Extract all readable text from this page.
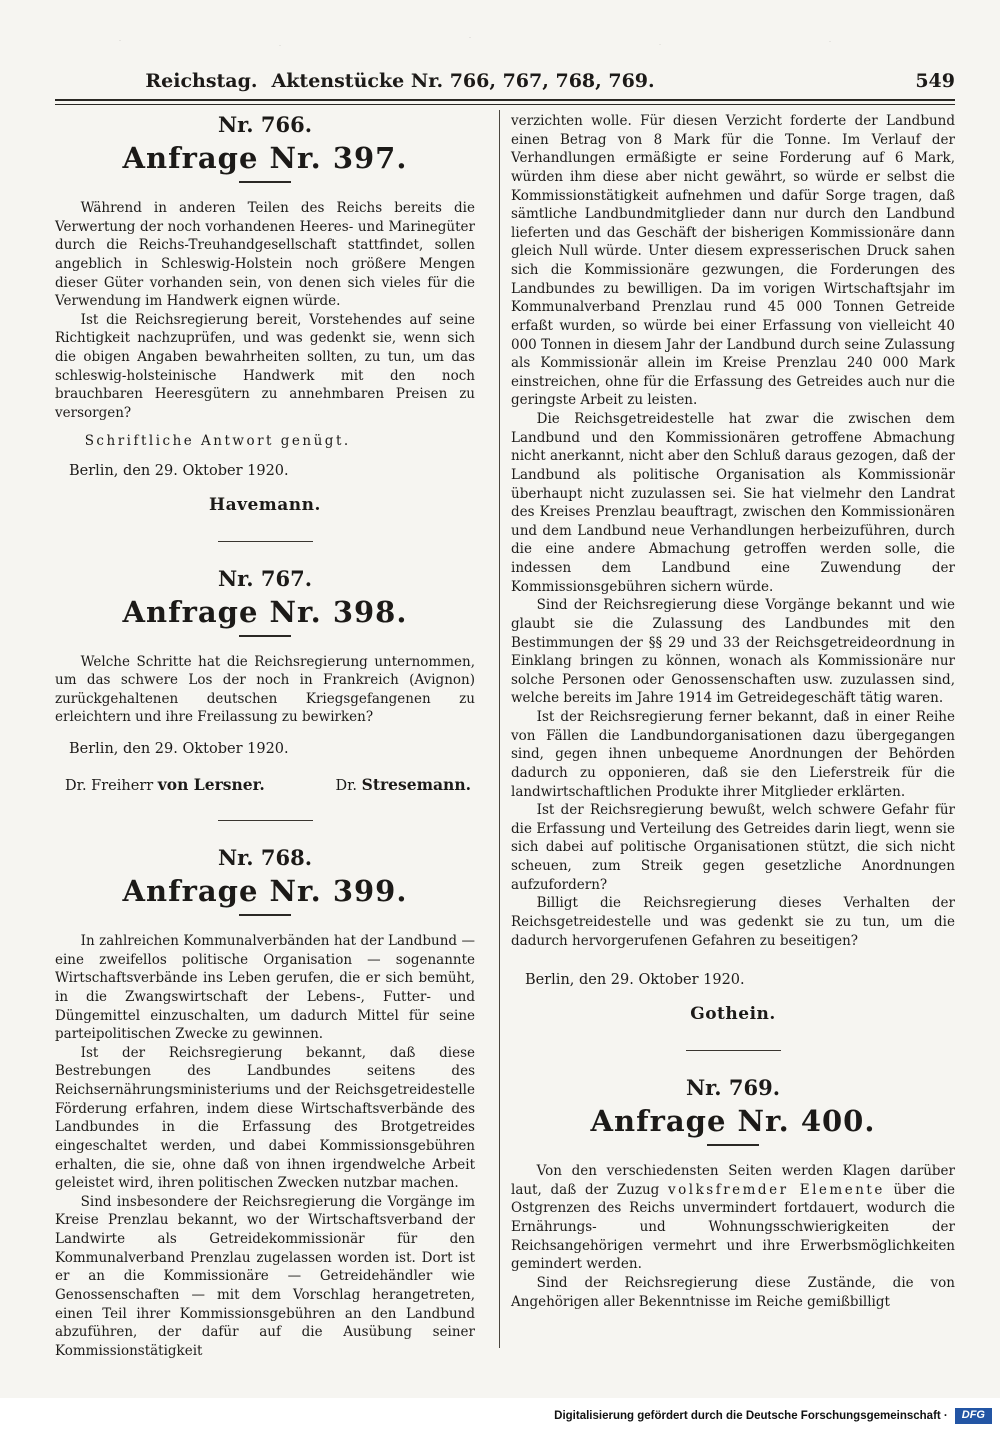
Reichstag. Aktenstücke Nr. 766, 767, 768, 769.	549
Nr. 766.
Anfrage Nr. 397.

Während in anderen Teilen des Reichs bereits die Verwertung der noch vorhandenen Heeres- und Marinegüter durch die Reichs-Treuhandgesellschaft stattfindet, sollen angeblich in Schleswig-Holstein noch größere Mengen dieser Güter vorhanden sein, von denen sich vieles für die Verwendung im Handwerk eignen würde.

Ist die Reichsregierung bereit, Vorstehendes auf seine Richtigkeit nachzuprüfen, und was gedenkt sie, wenn sich die obigen Angaben bewahrheiten sollten, zu tun, um das schleswig-holsteinische Handwerk mit den noch brauchbaren Heeresgütern zu annehmbaren Preisen zu versorgen?

Schriftliche Antwort genügt.
Berlin, den 29. Oktober 1920.
Havemann.
Nr. 767.
Anfrage Nr. 398.

Welche Schritte hat die Reichsregierung unternommen, um das schwere Los der noch in Frankreich (Avignon) zurückgehaltenen deutschen Kriegsgefangenen zu erleichtern und ihre Freilassung zu bewirken?

Berlin, den 29. Oktober 1920.
Dr. Freiherr von Lersner.	Dr. Stresemann.
Nr. 768.
Anfrage Nr. 399.

In zahlreichen Kommunalverbänden hat der Landbund — eine zweifellos politische Organisation — sogenannte Wirtschaftsverbände ins Leben gerufen, die er sich bemüht, in die Zwangswirtschaft der Lebens-, Futter- und Düngemittel einzuschalten, um dadurch Mittel für seine parteipolitischen Zwecke zu gewinnen.

Ist der Reichsregierung bekannt, daß diese Bestrebungen des Landbundes seitens des Reichsernährungsministeriums und der Reichsgetreidestelle Förderung erfahren, indem diese Wirtschaftsverbände des Landbundes in die Erfassung des Brotgetreides eingeschaltet werden, und dabei Kommissionsgebühren erhalten, die sie, ohne daß von ihnen irgendwelche Arbeit geleistet wird, ihren politischen Zwecken nutzbar machen.

Sind insbesondere der Reichsregierung die Vorgänge im Kreise Prenzlau bekannt, wo der Wirtschaftsverband der Landwirte als Getreidekommissionär für den Kommunalverband Prenzlau zugelassen worden ist. Dort ist er an die Kommissionäre — Getreidehändler wie Genossenschaften — mit dem Vorschlag herangetreten, einen Teil ihrer Kommissionsgebühren an den Landbund abzuführen, der dafür auf die Ausübung seiner Kommissionstätigkeit

verzichten wolle. Für diesen Verzicht forderte der Landbund einen Betrag von 8 Mark für die Tonne. Im Verlauf der Verhandlungen ermäßigte er seine Forderung auf 6 Mark, würden ihm diese aber nicht gewährt, so würde er selbst die Kommissionstätigkeit aufnehmen und dafür Sorge tragen, daß sämtliche Landbundmitglieder dann nur durch den Landbund lieferten und das Geschäft der bisherigen Kommissionäre dann gleich Null würde. Unter diesem expresserischen Druck sahen sich die Kommissionäre gezwungen, die Forderungen des Landbundes zu bewilligen. Da im vorigen Wirtschaftsjahr im Kommunalverband Prenzlau rund 45 000 Tonnen Getreide erfaßt wurden, so würde bei einer Erfassung von vielleicht 40 000 Tonnen in diesem Jahr der Landbund durch seine Zulassung als Kommissionär allein im Kreise Prenzlau 240 000 Mark einstreichen, ohne für die Erfassung des Getreides auch nur die geringste Arbeit zu leisten.

Die Reichsgetreidestelle hat zwar die zwischen dem Landbund und den Kommissionären getroffene Abmachung nicht anerkannt, nicht aber den Schluß daraus gezogen, daß der Landbund als politische Organisation als Kommissionär überhaupt nicht zuzulassen sei. Sie hat vielmehr den Landrat des Kreises Prenzlau beauftragt, zwischen den Kommissionären und dem Landbund neue Verhandlungen herbeizuführen, durch die eine andere Abmachung getroffen werden solle, die indessen dem Landbund eine Zuwendung der Kommissionsgebühren sichern würde.

Sind der Reichsregierung diese Vorgänge bekannt und wie glaubt sie die Zulassung des Landbundes mit den Bestimmungen der §§ 29 und 33 der Reichsgetreideordnung in Einklang bringen zu können, wonach als Kommissionäre nur solche Personen oder Genossenschaften usw. zuzulassen sind, welche bereits im Jahre 1914 im Getreidegeschäft tätig waren.

Ist der Reichsregierung ferner bekannt, daß in einer Reihe von Fällen die Landbundorganisationen dazu übergegangen sind, gegen ihnen unbequeme Anordnungen der Behörden dadurch zu opponieren, daß sie den Lieferstreik für die landwirtschaftlichen Produkte ihrer Mitglieder erklärten.

Ist der Reichsregierung bewußt, welch schwere Gefahr für die Erfassung und Verteilung des Getreides darin liegt, wenn sie sich dabei auf politische Organisationen stützt, die sich nicht scheuen, zum Streik gegen gesetzliche Anordnungen aufzufordern?

Billigt die Reichsregierung dieses Verhalten der Reichsgetreidestelle und was gedenkt sie zu tun, um die dadurch hervorgerufenen Gefahren zu beseitigen?

Berlin, den 29. Oktober 1920.
Gothein.
Nr. 769.
Anfrage Nr. 400.

Von den verschiedensten Seiten werden Klagen darüber laut, daß der Zuzug volksfremder Elemente über die Ostgrenzen des Reichs unvermindert fortdauert, wodurch die Ernährungs- und Wohnungsschwierigkeiten der Reichsangehörigen vermehrt und ihre Erwerbsmöglichkeiten gemindert werden.

Sind der Reichsregierung diese Zustände, die von Angehörigen aller Bekenntnisse im Reiche gemißbilligt

Digitalisierung gefördert durch die Deutsche Forschungsgemeinschaft ·	DFG
